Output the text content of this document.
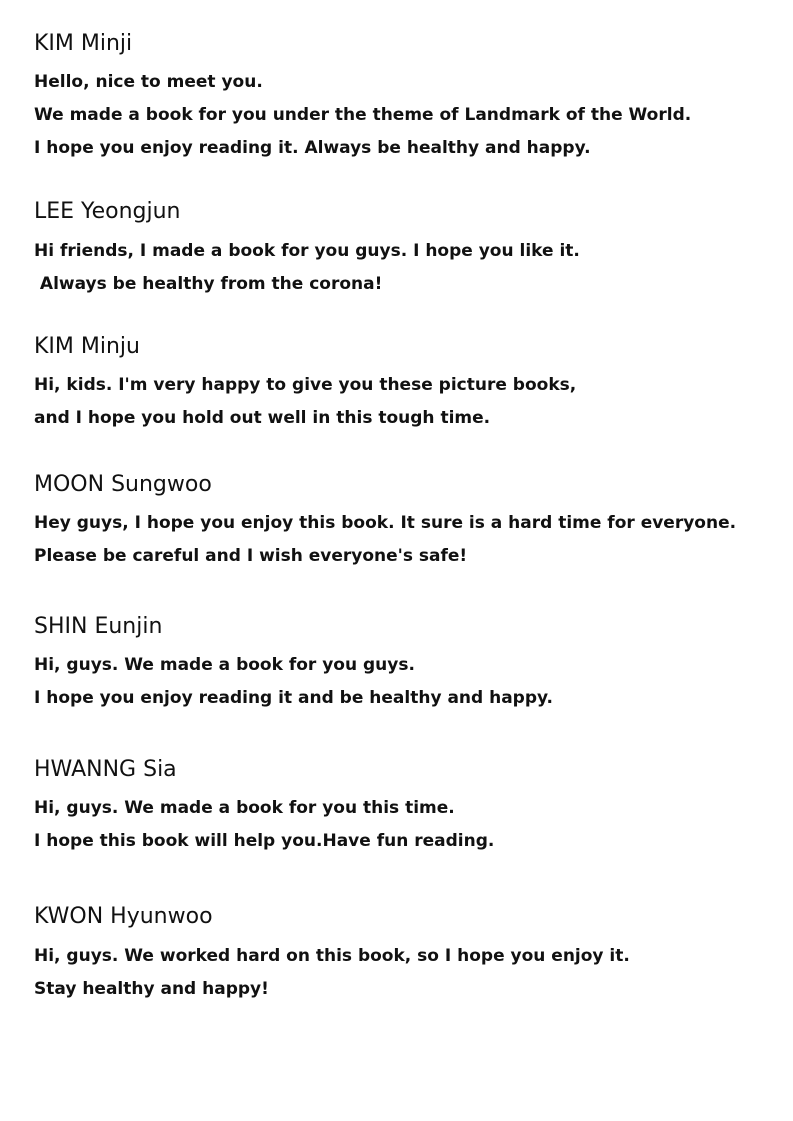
KIM Minji

Hello, nice to meet you.

We made a book for you under the theme of Landmark of the World.

I hope you enjoy reading it. Always be healthy and happy.

LEE Yeongjun

Hi friends, I made a book for you guys. I hope you like it.

Always be healthy from the corona!

KIM Minju

Hi, kids. I'm very happy to give you these picture books,

and I hope you hold out well in this tough time.

MOON Sungwoo

Hey guys, I hope you enjoy this book. It sure is a hard time for everyone.

Please be careful and I wish everyone's safe!

SHIN Eunjin

Hi, guys. We made a book for you guys.

I hope you enjoy reading it and be healthy and happy.

HWANNG Sia

Hi, guys. We made a book for you this time.

I hope this book will help you.Have fun reading.

KWON Hyunwoo

Hi, guys. We worked hard on this book, so I hope you enjoy it.

Stay healthy and happy!
